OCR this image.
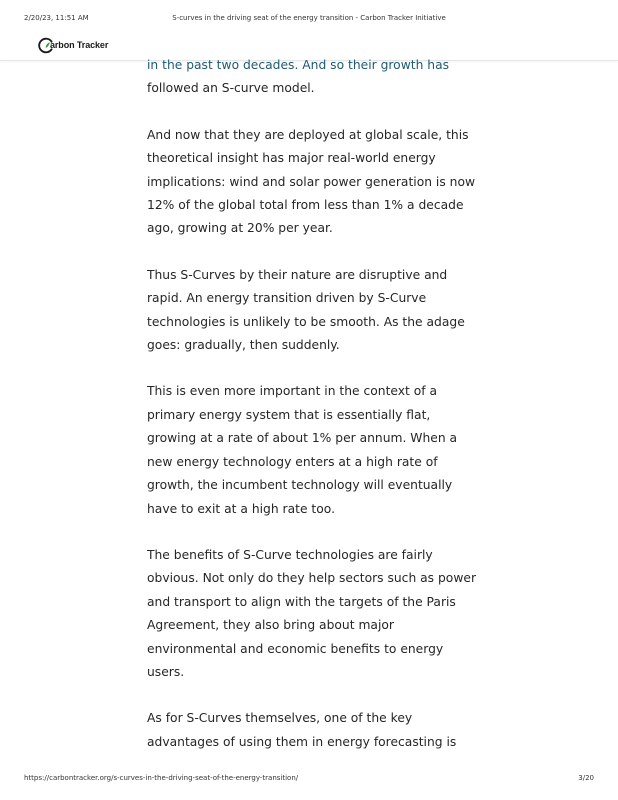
2/20/23, 11:51 AM	S-curves in the driving seat of the energy transition - Carbon Tracker Initiative
arbon Tracker

in the past two decades. And so their growth has
followed an S-curve model.

And now that they are deployed at global scale, this theoretical insight has major real-world energy implications: wind and solar power generation is now 12% of the global total from less than 1% a decade ago, growing at 20% per year.

Thus S-Curves by their nature are disruptive and rapid. An energy transition driven by S-Curve technologies is unlikely to be smooth. As the adage goes: gradually, then suddenly.

This is even more important in the context of a primary energy system that is essentially flat, growing at a rate of about 1% per annum. When a new energy technology enters at a high rate of growth, the incumbent technology will eventually have to exit at a high rate too.

The benefits of S-Curve technologies are fairly obvious. Not only do they help sectors such as power and transport to align with the targets of the Paris Agreement, they also bring about major environmental and economic benefits to energy users.

As for S-Curves themselves, one of the key advantages of using them in energy forecasting is

https://carbontracker.org/s-curves-in-the-driving-seat-of-the-energy-transition/	3/20
